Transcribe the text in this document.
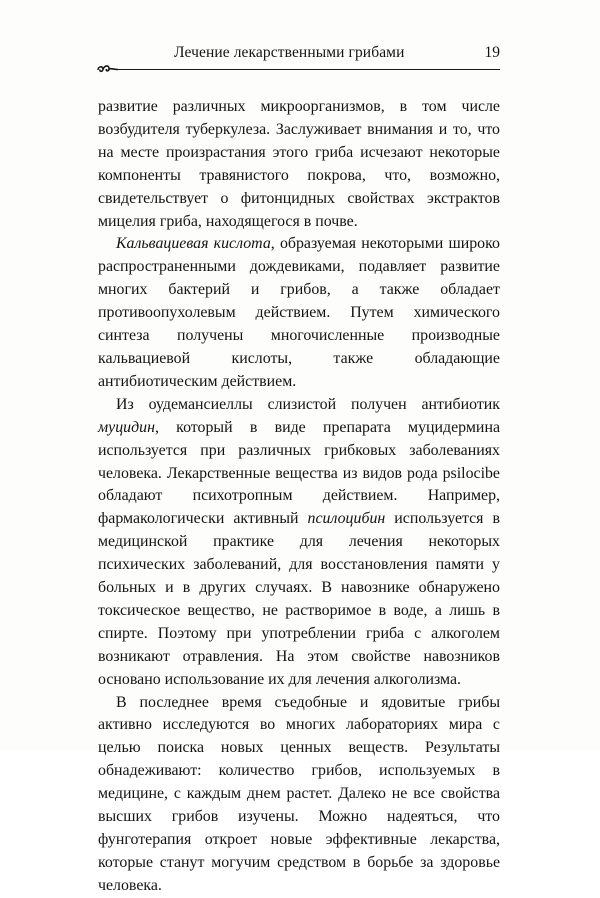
Лечение лекарственными грибами	19

развитие различных микроорганизмов, в том числе возбудителя туберкулеза. Заслуживает внимания и то, что на месте произрастания этого гриба исчезают некоторые компоненты травянистого покрова, что, возможно, свидетельствует о фитонцидных свойствах экстрактов мицелия гриба, находящегося в почве.

Кальвациевая кислота, образуемая некоторыми широко распространенными дождевиками, подавляет развитие многих бактерий и грибов, а также обладает противоопухолевым действием. Путем химического синтеза получены многочисленные производные кальвациевой кислоты, также обладающие антибиотическим действием.

Из оудемансиеллы слизистой получен антибиотик муцидин, который в виде препарата муцидермина используется при различных грибковых заболеваниях человека. Лекарственные вещества из видов рода psilocibe обладают психотропным действием. Например, фармакологически активный псилоцибин используется в медицинской практике для лечения некоторых психических заболеваний, для восстановления памяти у больных и в других случаях. В навознике обнаружено токсическое вещество, не растворимое в воде, а лишь в спирте. Поэтому при употреблении гриба с алкоголем возникают отравления. На этом свойстве навозников основано использование их для лечения алкоголизма.

В последнее время съедобные и ядовитые грибы активно исследуются во многих лабораториях мира с целью поиска новых ценных веществ. Результаты обнадеживают: количество грибов, используемых в медицине, с каждым днем растет. Далеко не все свойства высших грибов изучены. Можно надеяться, что фунготерапия откроет новые эффективные лекарства, которые станут могучим средством в борьбе за здоровье человека.
